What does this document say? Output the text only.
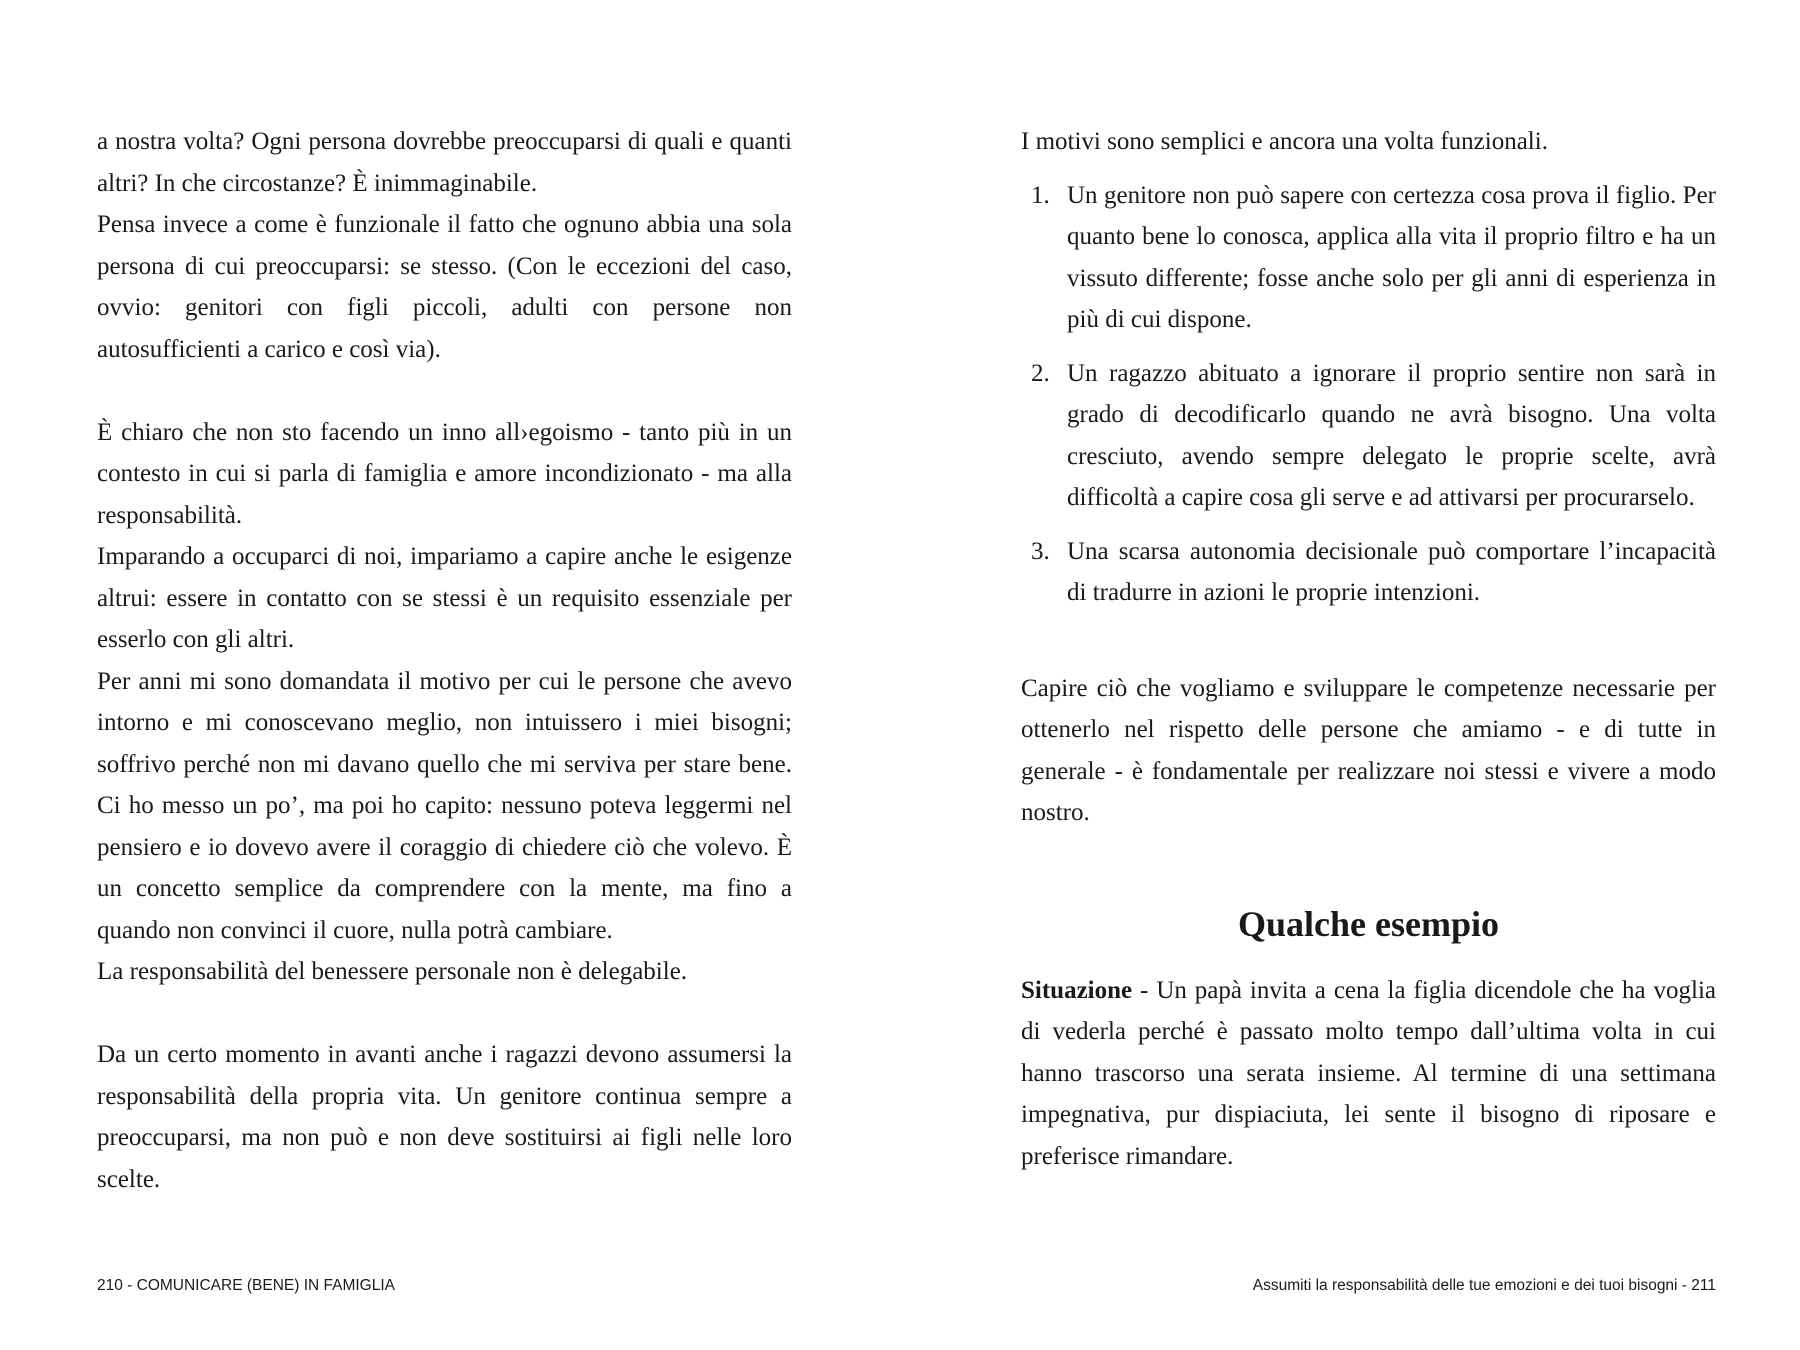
a nostra volta? Ogni persona dovrebbe preoccuparsi di quali e quanti altri? In che circostanze? È inimmaginabile.

Pensa invece a come è funzionale il fatto che ognuno abbia una sola persona di cui preoccuparsi: se stesso. (Con le eccezioni del caso, ovvio: genitori con figli piccoli, adulti con persone non autosufficienti a carico e così via).

È chiaro che non sto facendo un inno all›egoismo - tanto più in un contesto in cui si parla di famiglia e amore incondizionato - ma alla responsabilità.

Imparando a occuparci di noi, impariamo a capire anche le esigenze altrui: essere in contatto con se stessi è un requisito essenziale per esserlo con gli altri.

Per anni mi sono domandata il motivo per cui le persone che avevo intorno e mi conoscevano meglio, non intuissero i miei bisogni; soffrivo perché non mi davano quello che mi serviva per stare bene. Ci ho messo un po’, ma poi ho capito: nessuno poteva leggermi nel pensiero e io dovevo avere il coraggio di chiedere ciò che volevo. È un concetto semplice da comprendere con la mente, ma fino a quando non convinci il cuore, nulla potrà cambiare.

La responsabilità del benessere personale non è delegabile.

Da un certo momento in avanti anche i ragazzi devono assumersi la responsabilità della propria vita. Un genitore continua sempre a preoccuparsi, ma non può e non deve sostituirsi ai figli nelle loro scelte.

210 - COMUNICARE (BENE) IN FAMIGLIA

I motivi sono semplici e ancora una volta funzionali.

1. Un genitore non può sapere con certezza cosa prova il figlio. Per quanto bene lo conosca, applica alla vita il proprio filtro e ha un vissuto differente; fosse anche solo per gli anni di esperienza in più di cui dispone.
2. Un ragazzo abituato a ignorare il proprio sentire non sarà in grado di decodificarlo quando ne avrà bisogno. Una volta cresciuto, avendo sempre delegato le proprie scelte, avrà difficoltà a capire cosa gli serve e ad attivarsi per procurarselo.
3. Una scarsa autonomia decisionale può comportare l’incapacità di tradurre in azioni le proprie intenzioni.

Capire ciò che vogliamo e sviluppare le competenze necessarie per ottenerlo nel rispetto delle persone che amiamo - e di tutte in generale - è fondamentale per realizzare noi stessi e vivere a modo nostro.

Qualche esempio

Situazione - Un papà invita a cena la figlia dicendole che ha voglia di vederla perché è passato molto tempo dall’ultima volta in cui hanno trascorso una serata insieme. Al termine di una settimana impegnativa, pur dispiaciuta, lei sente il bisogno di riposare e preferisce rimandare.

Assumiti la responsabilità delle tue emozioni e dei tuoi bisogni - 211
